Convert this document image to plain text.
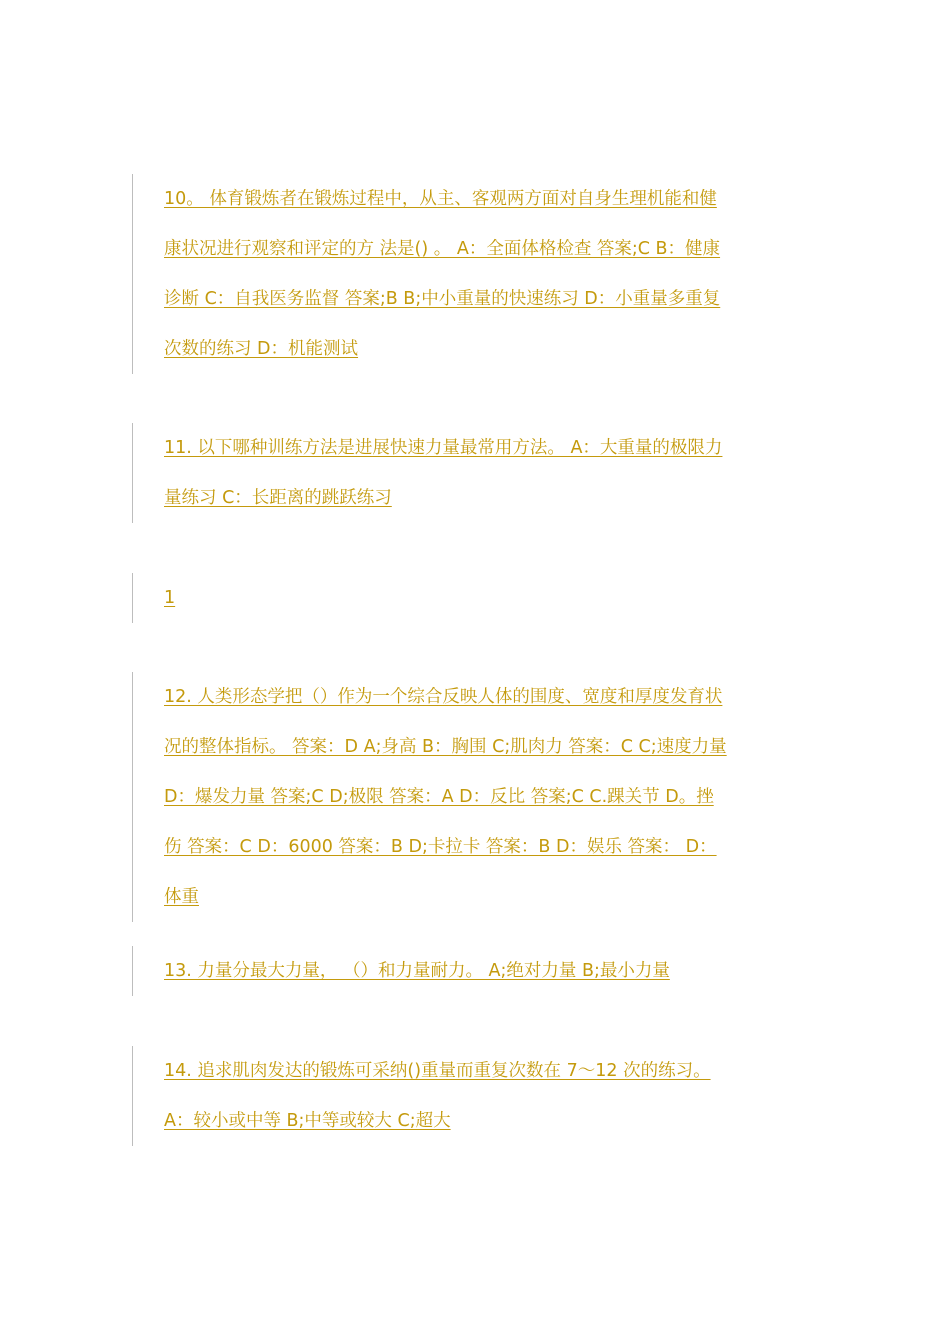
10。 体育锻炼者在锻炼过程中，从主、客观两方面对自身生理机能和健
康状况进行观察和评定的方 法是() 。 A：全面体格检查 答案;C B：健康
诊断 C：自我医务监督 答案;B B;中小重量的快速练习 D：小重量多重复
次数的练习 D：机能测试
11. 以下哪种训练方法是进展快速力量最常用方法。 A：大重量的极限力
量练习 C：长距离的跳跃练习
1
12. 人类形态学把（）作为一个综合反映人体的围度、宽度和厚度发育状
况的整体指标。 答案：D A;身高 B：胸围 C;肌肉力 答案：C C;速度力量
D：爆发力量 答案;C D;极限 答案：A D：反比 答案;C C.踝关节 D。挫
伤 答案：C D：6000 答案：B D;卡拉卡 答案：B D：娱乐 答案： D：
体重
13. 力量分最大力量， （）和力量耐力。 A;绝对力量 B;最小力量
14. 追求肌肉发达的锻炼可采纳()重量而重复次数在 7～12 次的练习。
A：较小或中等 B;中等或较大 C;超大
